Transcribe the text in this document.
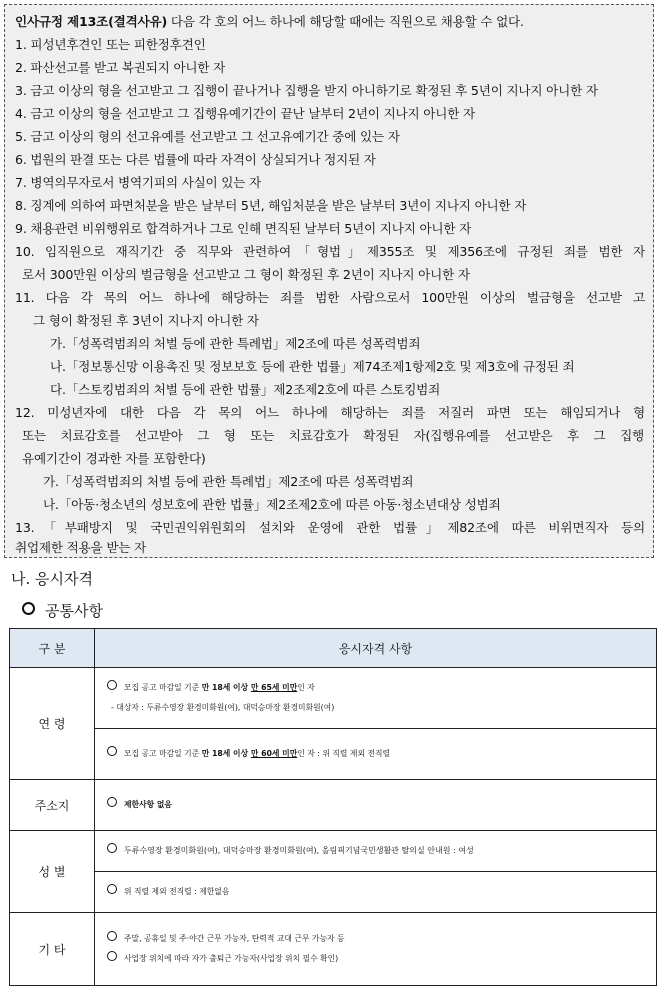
인사규정 제13조(결격사유) 다음 각 호의 어느 하나에 해당할 때에는 직원으로 채용할 수 없다.
1. 피성년후견인 또는 피한정후견인
2. 파산선고를 받고 복권되지 아니한 자
3. 금고 이상의 형을 선고받고 그 집행이 끝나거나 집행을 받지 아니하기로 확정된 후 5년이 지나지 아니한 자
4. 금고 이상의 형을 선고받고 그 집행유예기간이 끝난 날부터 2년이 지나지 아니한 자
5. 금고 이상의 형의 선고유예를 선고받고 그 선고유예기간 중에 있는 자
6. 법원의 판결 또는 다른 법률에 따라 자격이 상실되거나 정지된 자
7. 병역의무자로서 병역기피의 사실이 있는 자
8. 징계에 의하여 파면처분을 받은 날부터 5년, 해임처분을 받은 날부터 3년이 지나지 아니한 자
9. 채용관련 비위행위로 합격하거나 그로 인해 면직된 날부터 5년이 지나지 아니한 자
10. 임직원으로 재직기간 중 직무와 관련하여「형법」제355조 및 제356조에 규정된 죄를 범한 자
로서 300만원 이상의 벌금형을 선고받고 그 형이 확정된 후 2년이 지나지 아니한 자
11. 다음 각 목의 어느 하나에 해당하는 죄를 범한 사람으로서 100만원 이상의 벌금형을 선고받 고
그 형이 확정된 후 3년이 지나지 아니한 자
가.「성폭력범죄의 처벌 등에 관한 특례법」제2조에 따른 성폭력범죄
나.「정보통신망 이용촉진 및 정보보호 등에 관한 법률」제74조제1항제2호 및 제3호에 규정된 죄
다.「스토킹범죄의 처벌 등에 관한 법률」제2조제2호에 따른 스토킹범죄
12. 미성년자에 대한 다음 각 목의 어느 하나에 해당하는 죄를 저질러 파면 또는 해임되거나 형
또는 치료감호를 선고받아 그 형 또는 치료감호가 확정된 자(집행유예를 선고받은 후 그 집행
유예기간이 경과한 자를 포함한다)
가.「성폭력범죄의 처벌 등에 관한 특례법」제2조에 따른 성폭력범죄
나.「아동·청소년의 성보호에 관한 법률」제2조제2호에 따른 아동·청소년대상 성범죄
13.「부패방지 및 국민권익위원회의 설치와 운영에 관한 법률」제82조에 따른 비위면직자 등의
취업제한 적용을 받는 자
나. 응시자격
공통사항
구 분	응시자격 사항
연 령	모집 공고 마감일 기준 만 18세 이상 만 65세 미만인 자
- 대상자 : 두류수영장 환경미화원(여), 대덕승마장 환경미화원(여)

	모집 공고 마감일 기준 만 18세 이상 만 60세 미만인 자 : 위 직렬 제외 전직렬

주소지	제한사항 없음

성 별	두류수영장 환경미화원(여), 대덕승마장 환경미화원(여), 올림픽기념국민생활관 탈의실 안내원 : 여성

	위 직렬 제외 전직렬 : 제한없음

기 타	주말, 공휴일 및 주·야간 근무 가능자, 탄력적 교대 근무 가능자 등
사업장 위치에 따라 자가 출퇴근 가능자(사업장 위치 필수 확인)
